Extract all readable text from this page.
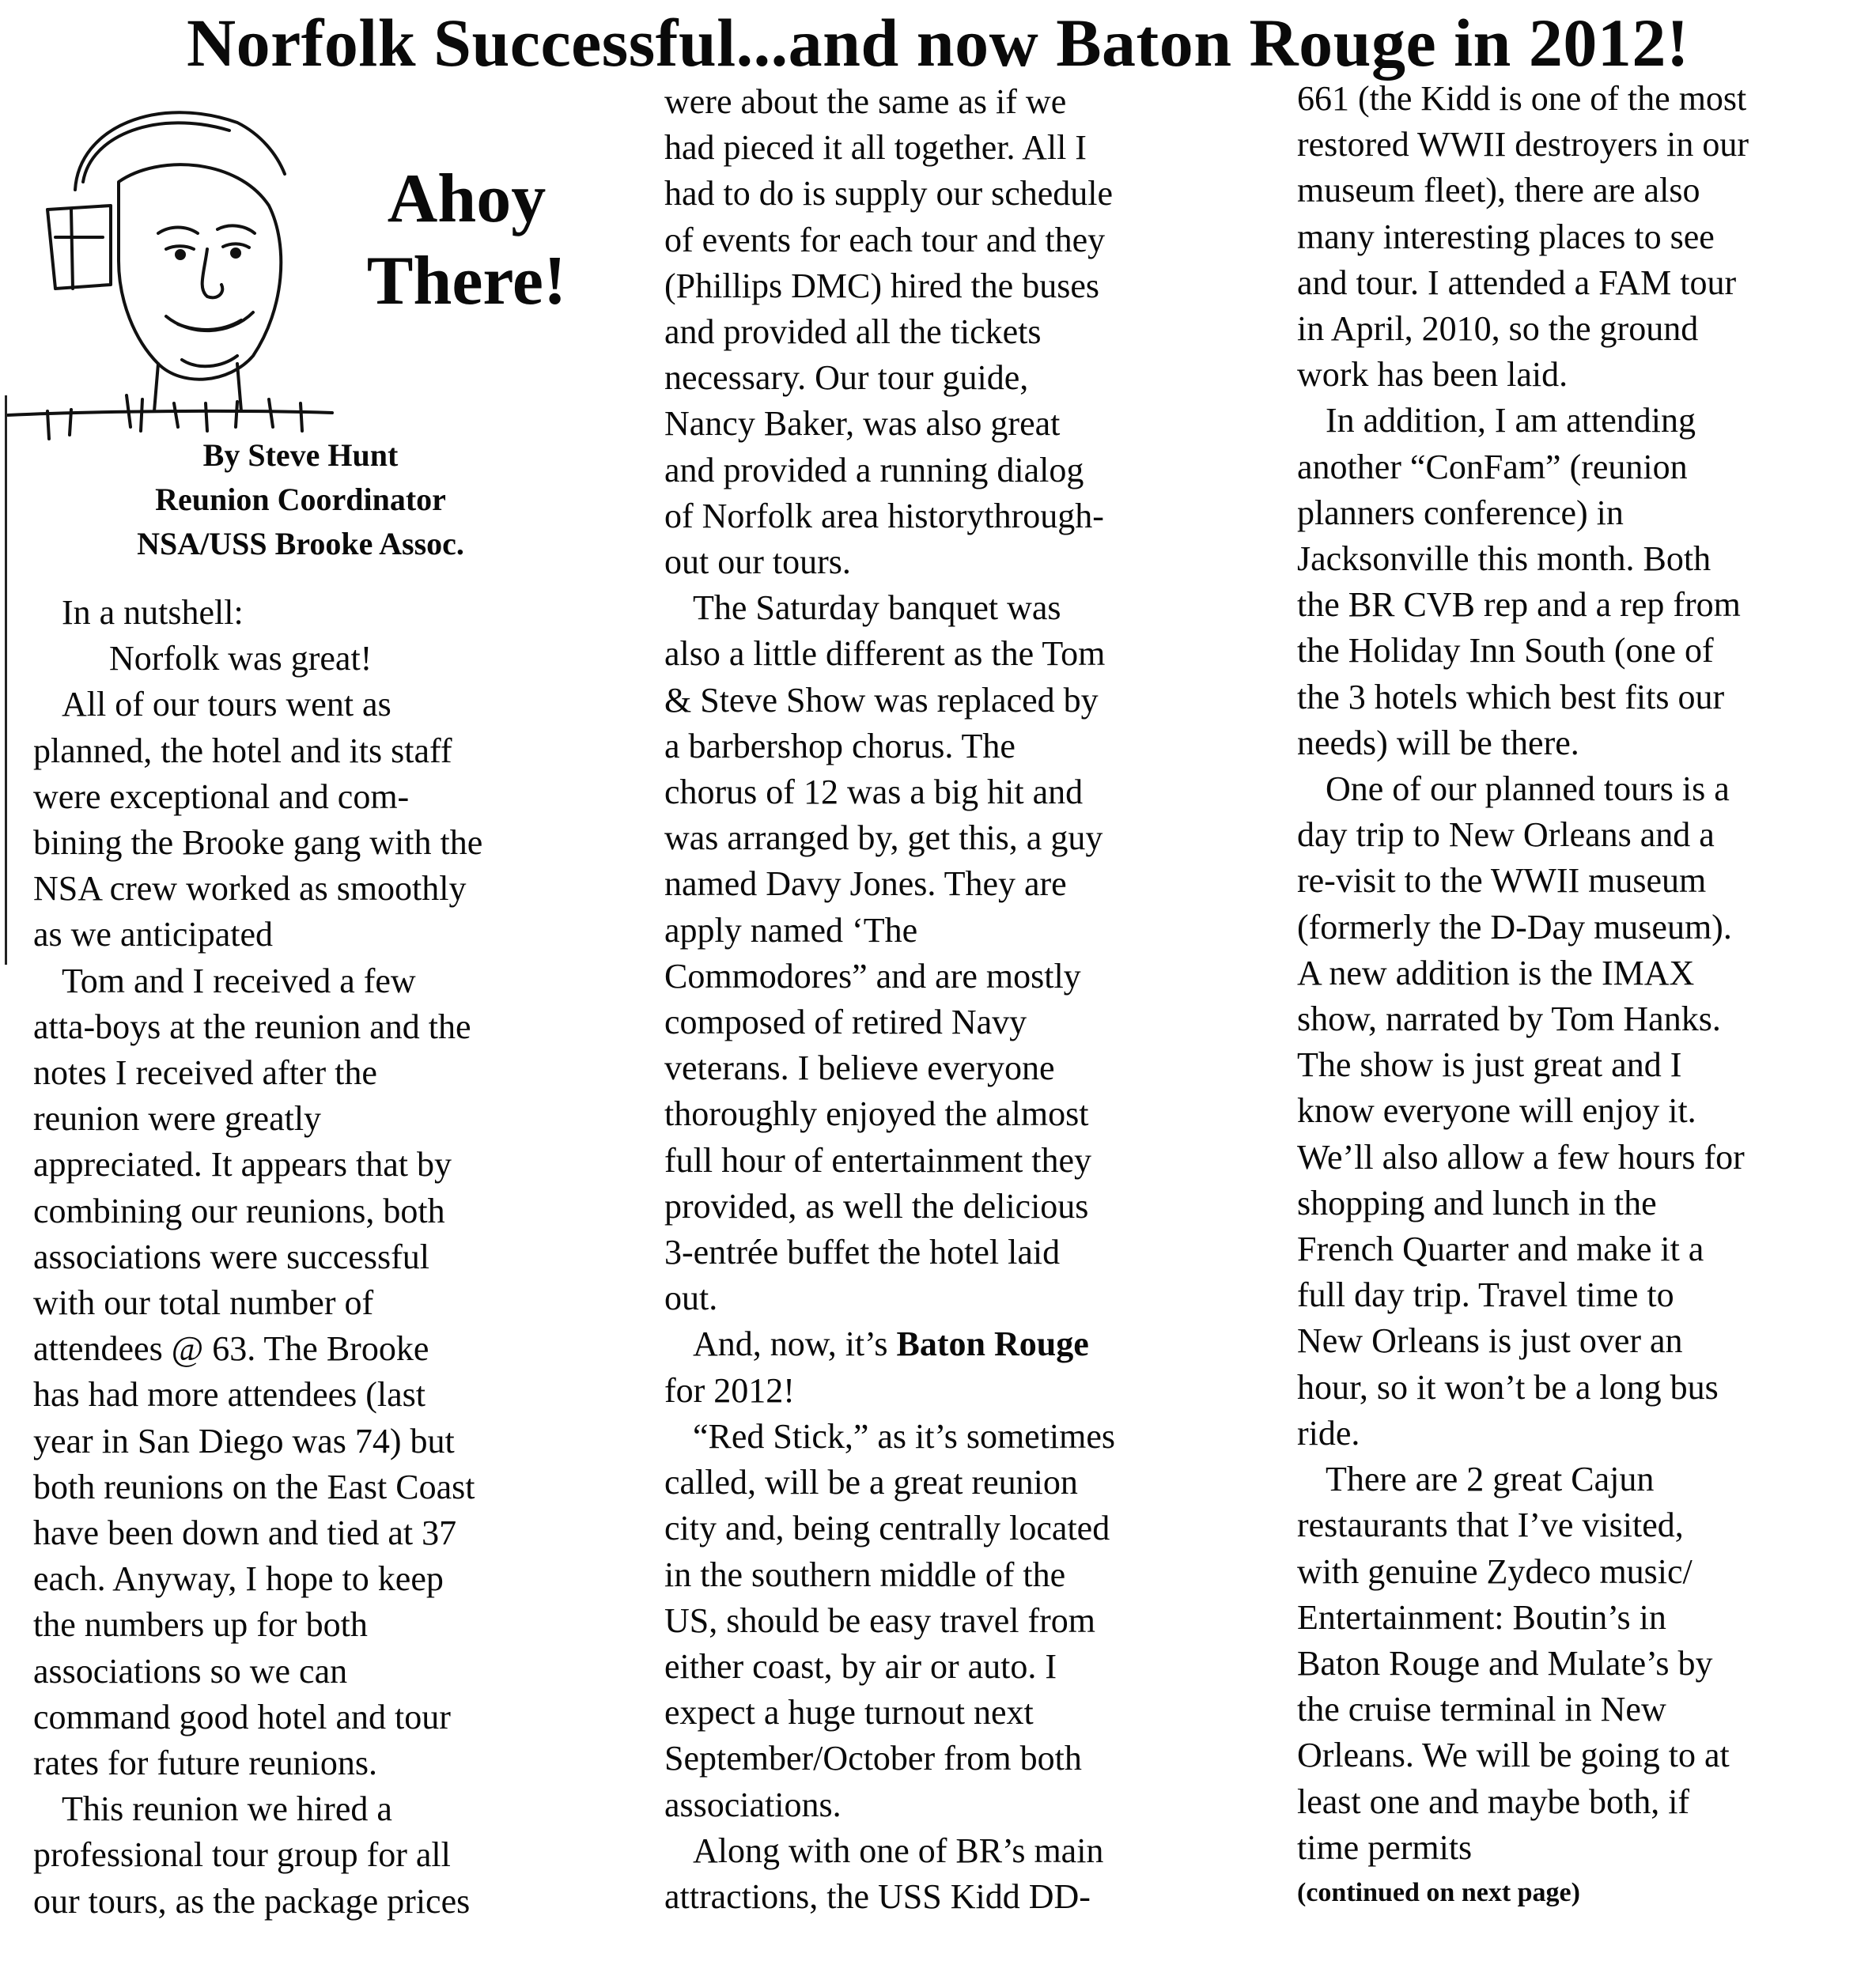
Norfolk Successful...and now Baton Rouge in 2012!
Ahoy
There!
By Steve Hunt
Reunion Coordinator
NSA/USS Brooke Assoc.

In a nutshell:

Norfolk was great!

All of our tours went as

planned, the hotel and its staff

were exceptional and com-

bining the Brooke gang with the

NSA crew worked as smoothly

as we anticipated

Tom and I received a few

atta-boys at the reunion and the

notes I received after the

reunion were greatly

appreciated. It appears that by

combining our reunions, both

associations were successful

with our total number of

attendees @ 63. The Brooke

has had more attendees (last

year in San Diego was 74) but

both reunions on the East Coast

have been down and tied at 37

each. Anyway, I hope to keep

the numbers up for both

associations so we can

command good hotel and tour

rates for future reunions.

This reunion we hired a

professional tour group for all

our tours, as the package prices

were about the same as if we

had pieced it all together. All I

had to do is supply our schedule

of events for each tour and they

(Phillips DMC) hired the buses

and provided all the tickets

necessary. Our tour guide,

Nancy Baker, was also great

and provided a running dialog

of Norfolk area historythrough-

out our tours.

The Saturday banquet was

also a little different as the Tom

& Steve Show was replaced by

a barbershop chorus. The

chorus of 12 was a big hit and

was arranged by, get this, a guy

named Davy Jones. They are

apply named ‘The

Commodores” and are mostly

composed of retired Navy

veterans. I believe everyone

thoroughly enjoyed the almost

full hour of entertainment they

provided, as well the delicious

3-entrée buffet the hotel laid

out.

And, now, it’s Baton Rouge

for 2012!

“Red Stick,” as it’s sometimes

called, will be a great reunion

city and, being centrally located

in the southern middle of the

US, should be easy travel from

either coast, by air or auto. I

expect a huge turnout next

September/October from both

associations.

Along with one of BR’s main

attractions, the USS Kidd DD-

661 (the Kidd is one of the most

restored WWII destroyers in our

museum fleet), there are also

many interesting places to see

and tour. I attended a FAM tour

in April, 2010, so the ground

work has been laid.

In addition, I am attending

another “ConFam” (reunion

planners conference) in

Jacksonville this month. Both

the BR CVB rep and a rep from

the Holiday Inn South (one of

the 3 hotels which best fits our

needs) will be there.

One of our planned tours is a

day trip to New Orleans and a

re-visit to the WWII museum

(formerly the D-Day museum).

A new addition is the IMAX

show, narrated by Tom Hanks.

The show is just great and I

know everyone will enjoy it.

We’ll also allow a few hours for

shopping and lunch in the

French Quarter and make it a

full day trip. Travel time to

New Orleans is just over an

hour, so it won’t be a long bus

ride.

There are 2 great Cajun

restaurants that I’ve visited,

with genuine Zydeco music/

Entertainment: Boutin’s in

Baton Rouge and Mulate’s by

the cruise terminal in New

Orleans. We will be going to at

least one and maybe both, if

time permits

(continued on next page)
